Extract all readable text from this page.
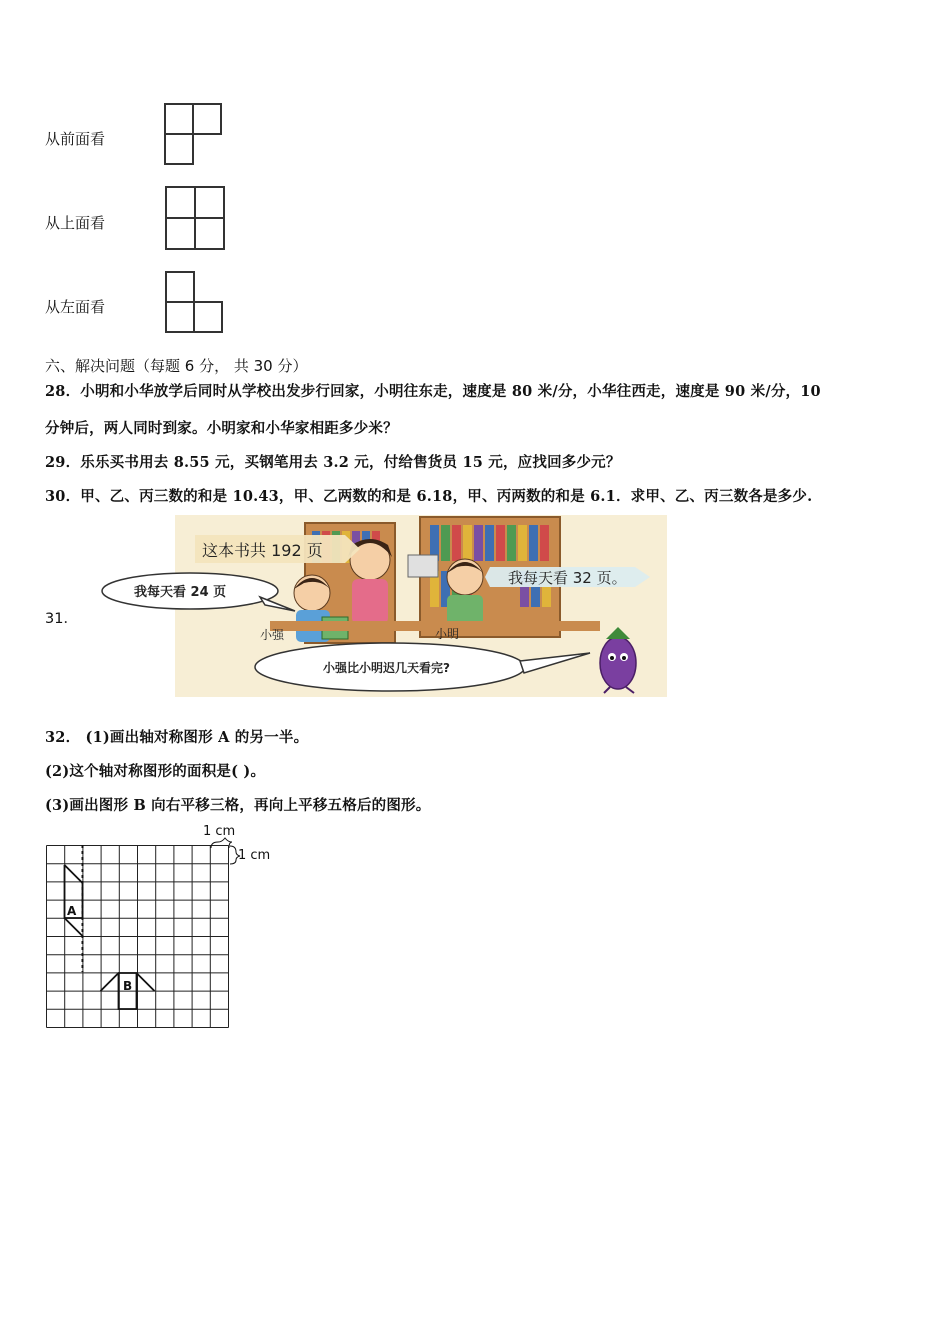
从前面看
从上面看
从左面看
六、解决问题（每题 6 分， 共 30 分）
28．小明和小华放学后同时从学校出发步行回家，小明往东走，速度是 80 米/分，小华往西走，速度是 90 米/分，10
分钟后，两人同时到家。小明家和小华家相距多少米？
29．乐乐买书用去 8.55 元，买钢笔用去 3.2 元，付给售货员 15 元，应找回多少元？
30．甲、乙、丙三数的和是 10.43，甲、乙两数的和是 6.18，甲、丙两数的和是 6.1．求甲、乙、丙三数各是多少.
31．
这本书共 192 页
我每天看 24 页
我每天看 32 页。
小强	小明
小强比小明迟几天看完?
32． (1)画出轴对称图形 A 的另一半。
(2)这个轴对称图形的面积是( )。
(3)画出图形 B 向右平移三格，再向上平移五格后的图形。
1 cm
1 cm
A
B
